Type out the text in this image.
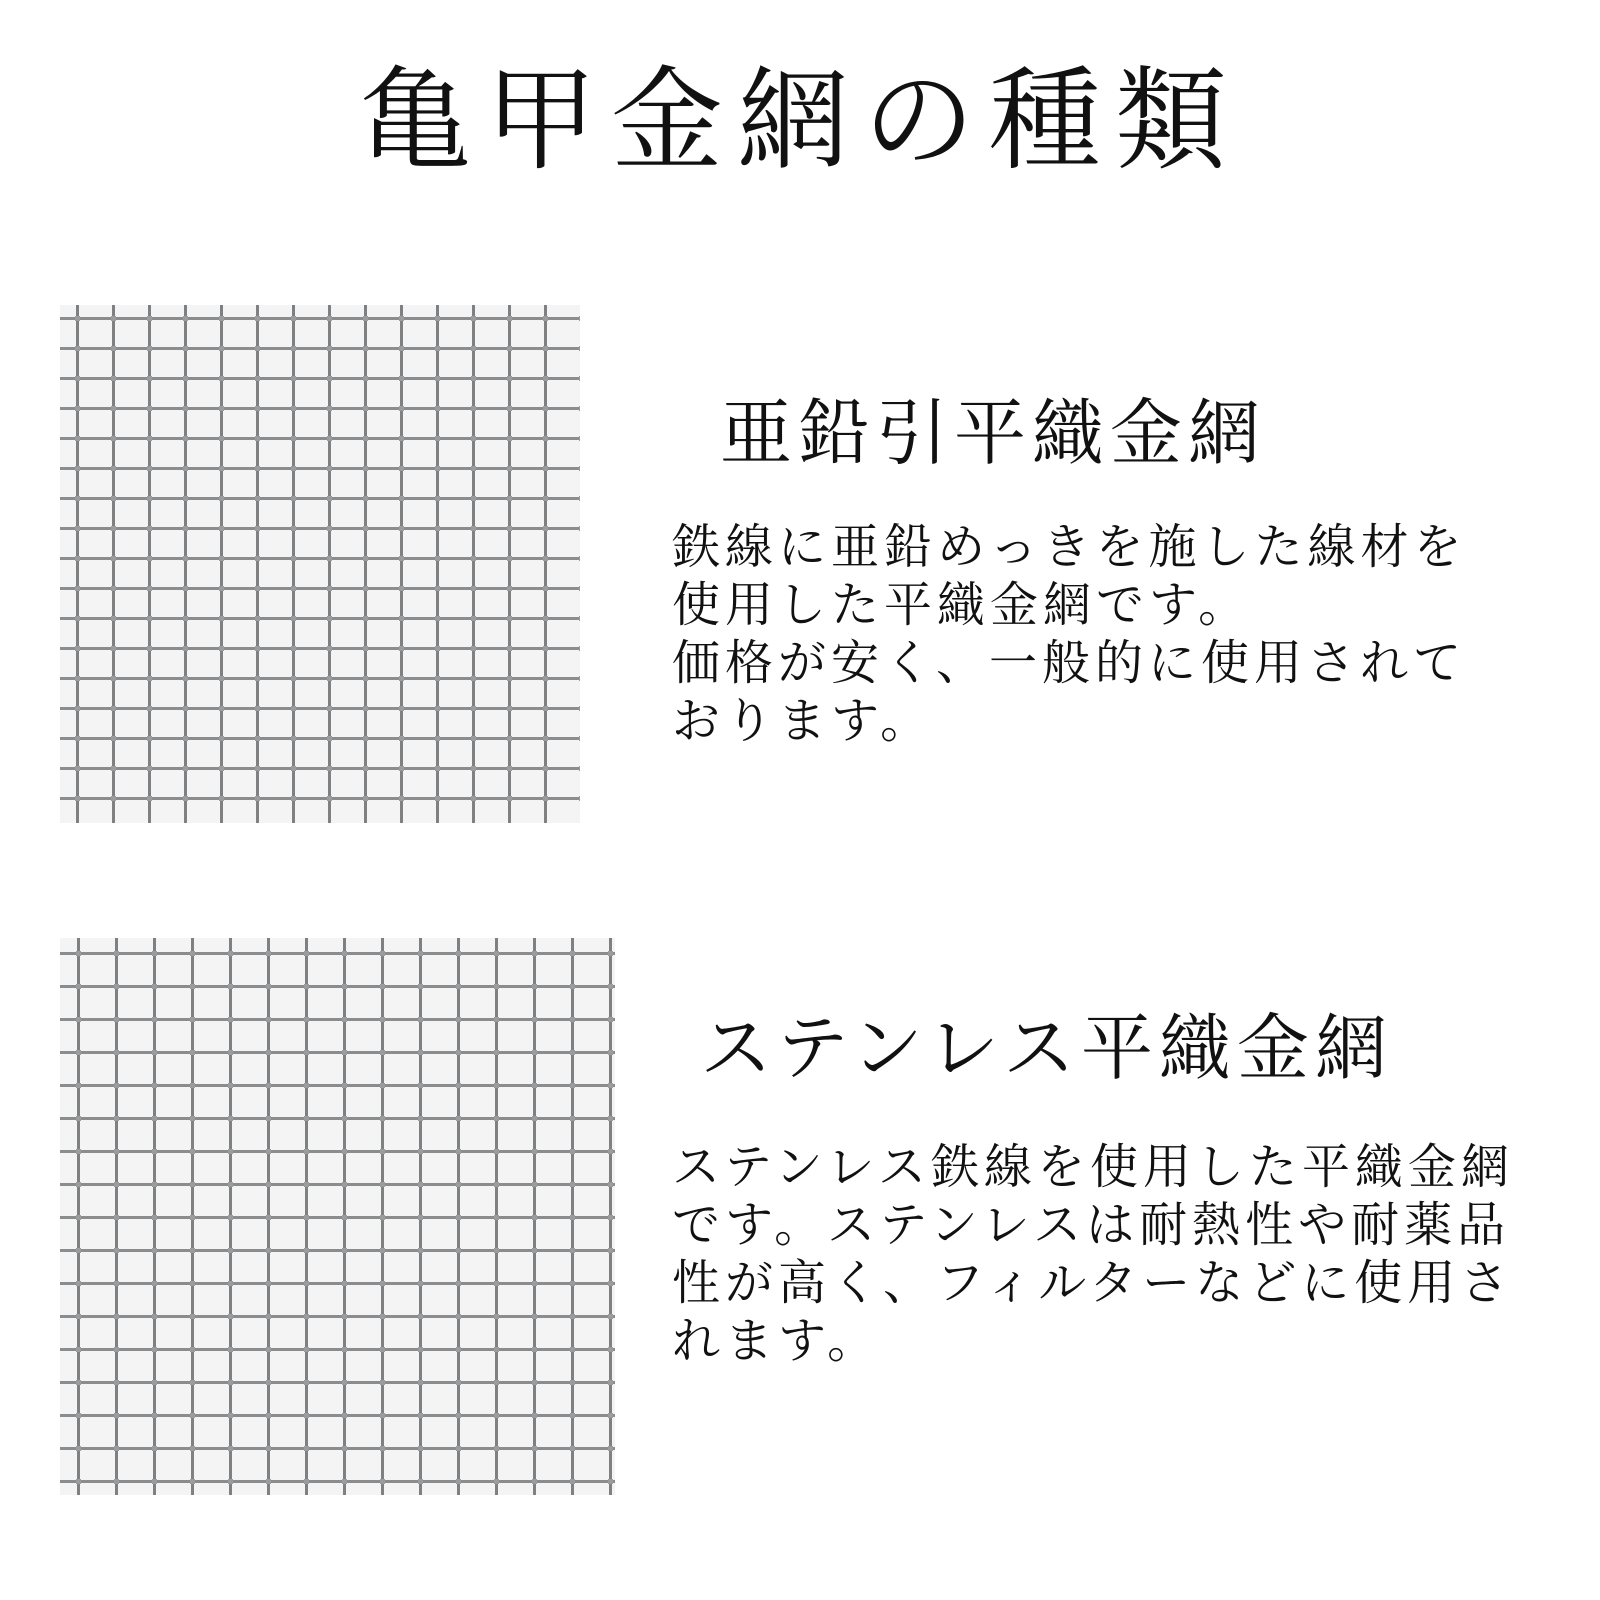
亀甲金網の種類
亜鉛引平織金網

鉄線に亜鉛めっきを施した線材を
使用した平織金網です。
価格が安く、一般的に使用されて
おります。

ステンレス平織金網

ステンレス鉄線を使用した平織金網
です。ステンレスは耐熱性や耐薬品
性が高く、フィルターなどに使用さ
れます。
